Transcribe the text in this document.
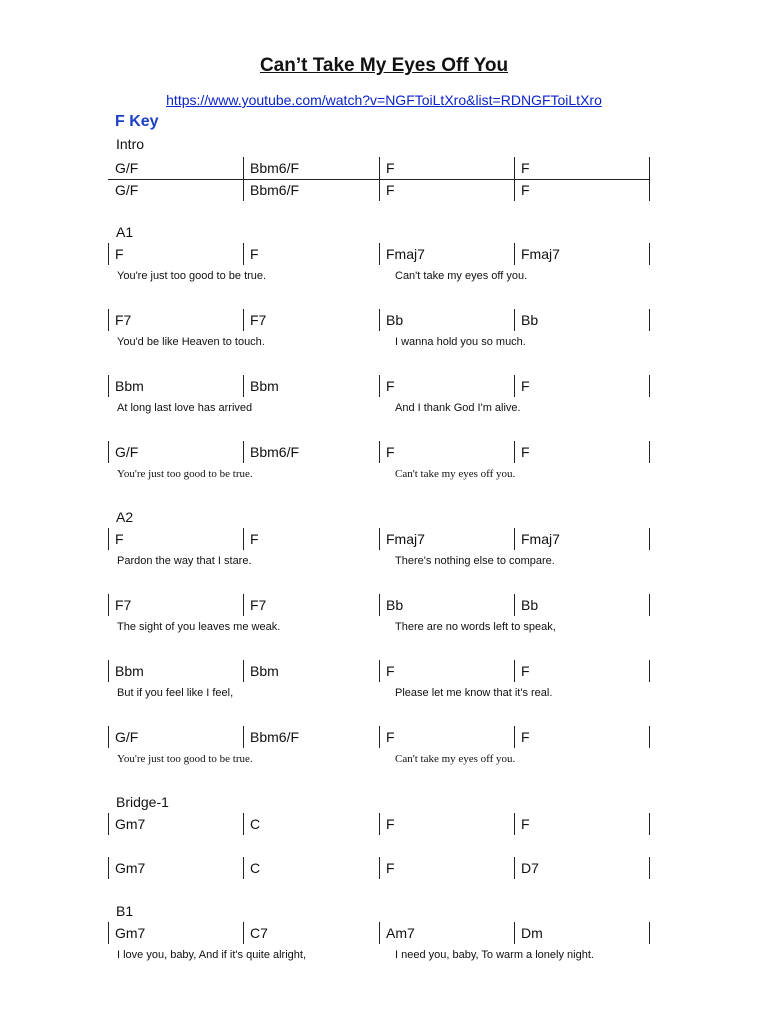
Can’t Take My Eyes Off You
https://www.youtube.com/watch?v=NGFToiLtXro&list=RDNGFToiLtXro
F Key
Intro
G/F	Bbm6/F	F	F
G/F	Bbm6/F	F	F
A1
F	F	Fmaj7	Fmaj7
You're just too good to be true.	Can't take my eyes off you.
F7	F7	Bb	Bb
You'd be like Heaven to touch.	I wanna hold you so much.
Bbm	Bbm	F	F
At long last love has arrived	And I thank God I'm alive.
G/F	Bbm6/F	F	F
You're just too good to be true.	Can't take my eyes off you.
A2
F	F	Fmaj7	Fmaj7
Pardon the way that I stare.	There's nothing else to compare.
F7	F7	Bb	Bb
The sight of you leaves me weak.	There are no words left to speak,
Bbm	Bbm	F	F
But if you feel like I feel,	Please let me know that it's real.
G/F	Bbm6/F	F	F
You're just too good to be true.	Can't take my eyes off you.
Bridge-1
Gm7	C	F	F
Gm7	C	F	D7
B1
Gm7	C7	Am7	Dm
I love you, baby, And if it's quite alright,	I need you, baby, To warm a lonely night.
